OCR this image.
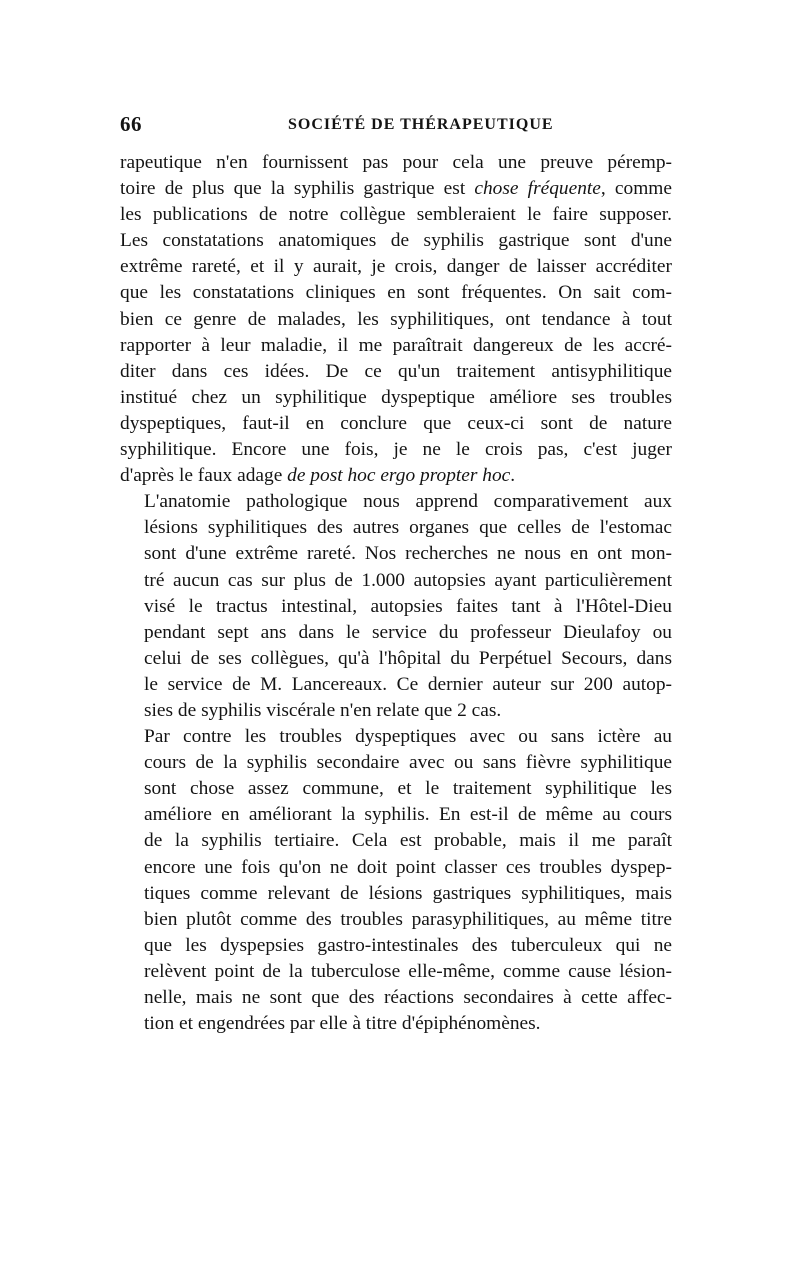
66	SOCIÉTÉ DE THÉRAPEUTIQUE

rapeutique n'en fournissent pas pour cela une preuve péremp-
toire de plus que la syphilis gastrique est chose fréquente, comme
les publications de notre collègue sembleraient le faire supposer.
Les constatations anatomiques de syphilis gastrique sont d'une
extrême rareté, et il y aurait, je crois, danger de laisser accréditer
que les constatations cliniques en sont fréquentes. On sait com-
bien ce genre de malades, les syphilitiques, ont tendance à tout
rapporter à leur maladie, il me paraîtrait dangereux de les accré-
diter dans ces idées. De ce qu'un traitement antisyphilitique
institué chez un syphilitique dyspeptique améliore ses troubles
dyspeptiques, faut-il en conclure que ceux-ci sont de nature
syphilitique. Encore une fois, je ne le crois pas, c'est juger
d'après le faux adage de post hoc ergo propter hoc.

L'anatomie pathologique nous apprend comparativement aux
lésions syphilitiques des autres organes que celles de l'estomac
sont d'une extrême rareté. Nos recherches ne nous en ont mon-
tré aucun cas sur plus de 1.000 autopsies ayant particulièrement
visé le tractus intestinal, autopsies faites tant à l'Hôtel-Dieu
pendant sept ans dans le service du professeur Dieulafoy ou
celui de ses collègues, qu'à l'hôpital du Perpétuel Secours, dans
le service de M. Lancereaux. Ce dernier auteur sur 200 autop-
sies de syphilis viscérale n'en relate que 2 cas.

Par contre les troubles dyspeptiques avec ou sans ictère au
cours de la syphilis secondaire avec ou sans fièvre syphilitique
sont chose assez commune, et le traitement syphilitique les
améliore en améliorant la syphilis. En est-il de même au cours
de la syphilis tertiaire. Cela est probable, mais il me paraît
encore une fois qu'on ne doit point classer ces troubles dyspep-
tiques comme relevant de lésions gastriques syphilitiques, mais
bien plutôt comme des troubles parasyphilitiques, au même titre
que les dyspepsies gastro-intestinales des tuberculeux qui ne
relèvent point de la tuberculose elle-même, comme cause lésion-
nelle, mais ne sont que des réactions secondaires à cette affec-
tion et engendrées par elle à titre d'épiphénomènes.
